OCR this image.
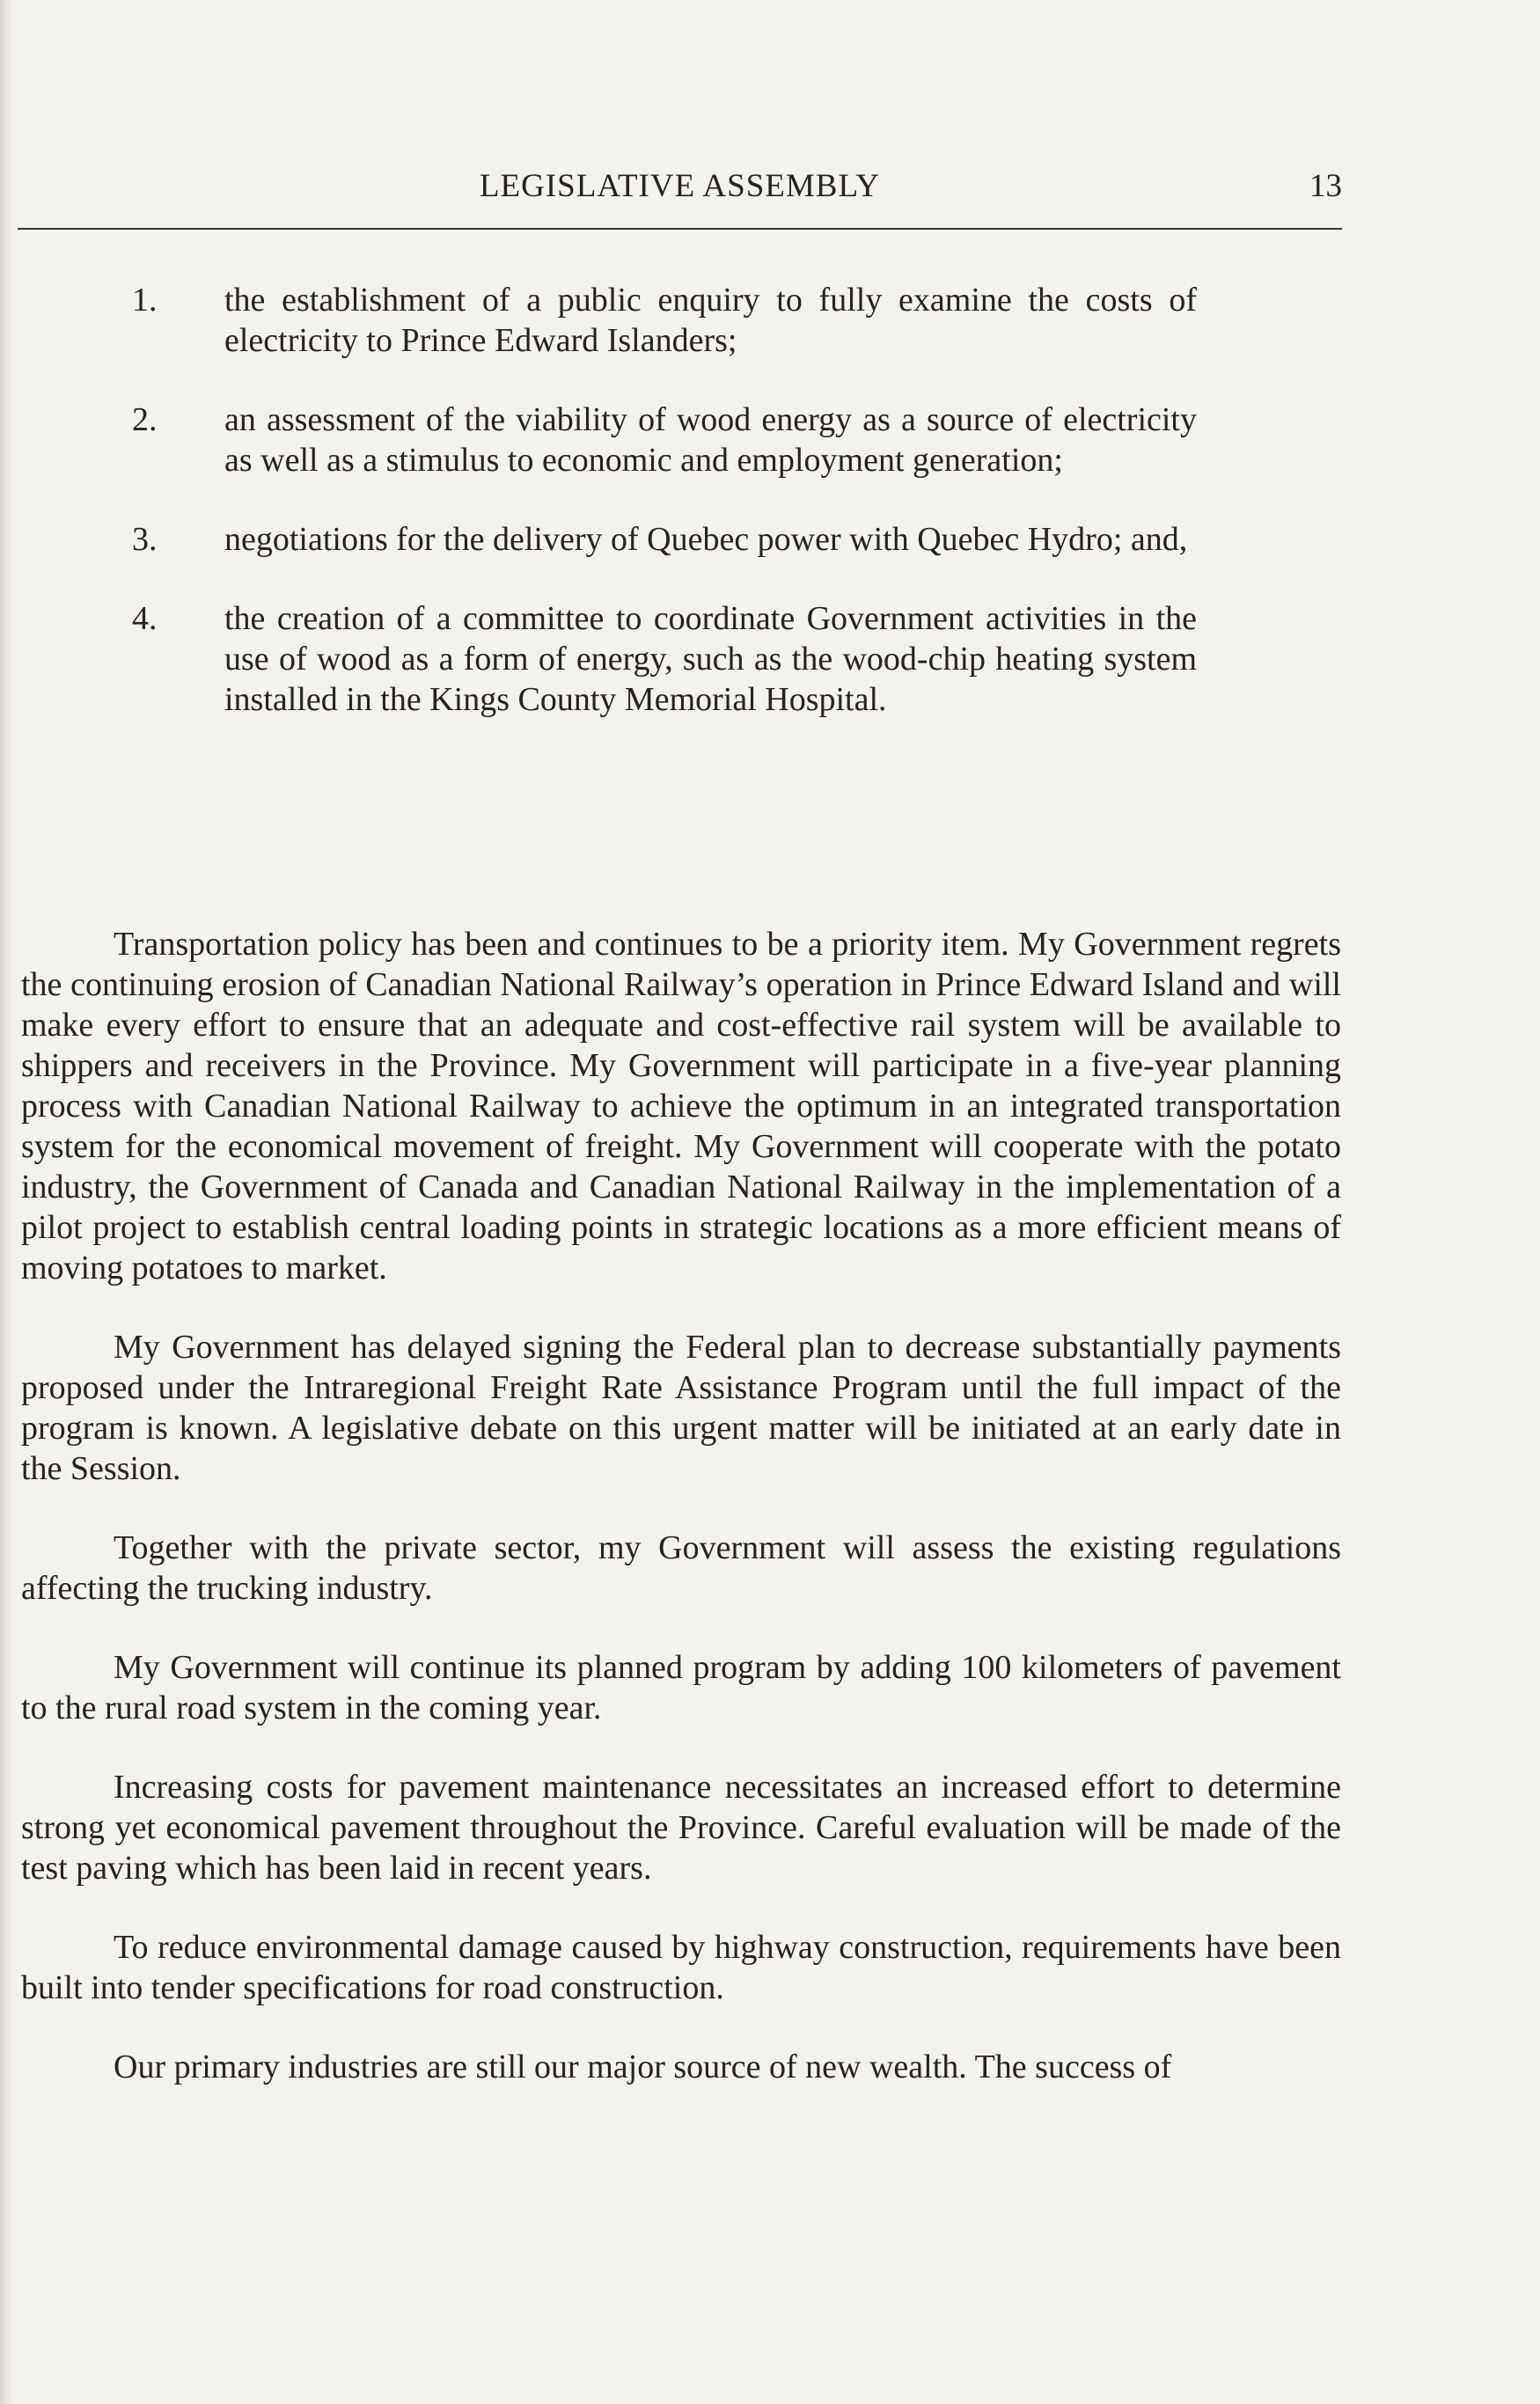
LEGISLATIVE ASSEMBLY	13
1. the establishment of a public enquiry to fully examine the costs of electricity to Prince Edward Islanders;
2. an assessment of the viability of wood energy as a source of electricity as well as a stimulus to economic and employment generation;
3. negotiations for the delivery of Quebec power with Quebec Hydro; and,
4. the creation of a committee to coordinate Government activities in the use of wood as a form of energy, such as the wood-chip heating system installed in the Kings County Memorial Hospital.

Transportation policy has been and continues to be a priority item. My Government regrets the continuing erosion of Canadian National Railway’s operation in Prince Edward Island and will make every effort to ensure that an adequate and cost-effective rail system will be available to shippers and receivers in the Province. My Government will participate in a five-year planning process with Canadian National Railway to achieve the optimum in an integrated transportation system for the economical movement of freight. My Government will cooperate with the potato industry, the Government of Canada and Canadian National Railway in the implementation of a pilot project to establish central loading points in strategic locations as a more efficient means of moving potatoes to market.

My Government has delayed signing the Federal plan to decrease substantially payments proposed under the Intraregional Freight Rate Assistance Program until the full impact of the program is known. A legislative debate on this urgent matter will be initiated at an early date in the Session.

Together with the private sector, my Government will assess the existing regulations affecting the trucking industry.

My Government will continue its planned program by adding 100 kilometers of pavement to the rural road system in the coming year.

Increasing costs for pavement maintenance necessitates an increased effort to determine strong yet economical pavement throughout the Province. Careful evaluation will be made of the test paving which has been laid in recent years.

To reduce environmental damage caused by highway construction, requirements have been built into tender specifications for road construction.

Our primary industries are still our major source of new wealth. The success of
